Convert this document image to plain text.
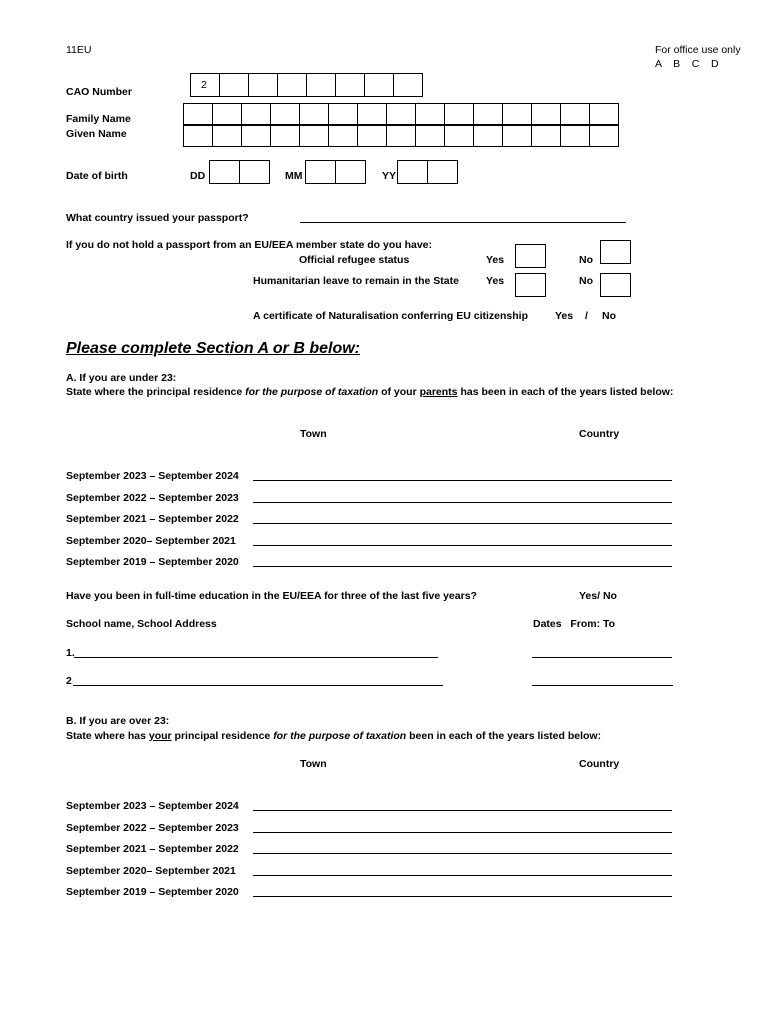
11EU	For office use only
A    B    C    D
CAO Number
2
Family Name
Given Name
Date of birth	DD	MM	YY
What country issued your passport?
If you do not hold a passport from an EU/EEA member state do you have:
Official refugee status	Yes	No
Humanitarian leave to remain in the State	Yes	No
A certificate of Naturalisation conferring EU citizenship	Yes / No
Please complete Section A or B below:
A. If you are under 23:
State where the principal residence for the purpose of taxation of your parents has been in each of the years listed below:
Town	Country
September 2023 – September 2024
September 2022 – September 2023
September 2021 – September 2022
September 2020– September 2021
September 2019 – September 2020
Have you been in full-time education in the EU/EEA for three of the last five years?	Yes/ No
School name, School Address	Dates   From: To
1.
2
B. If you are over 23:
State where has your principal residence for the purpose of taxation been in each of the years listed below:
Town	Country
September 2023 – September 2024
September 2022 – September 2023
September 2021 – September 2022
September 2020– September 2021
September 2019 – September 2020
